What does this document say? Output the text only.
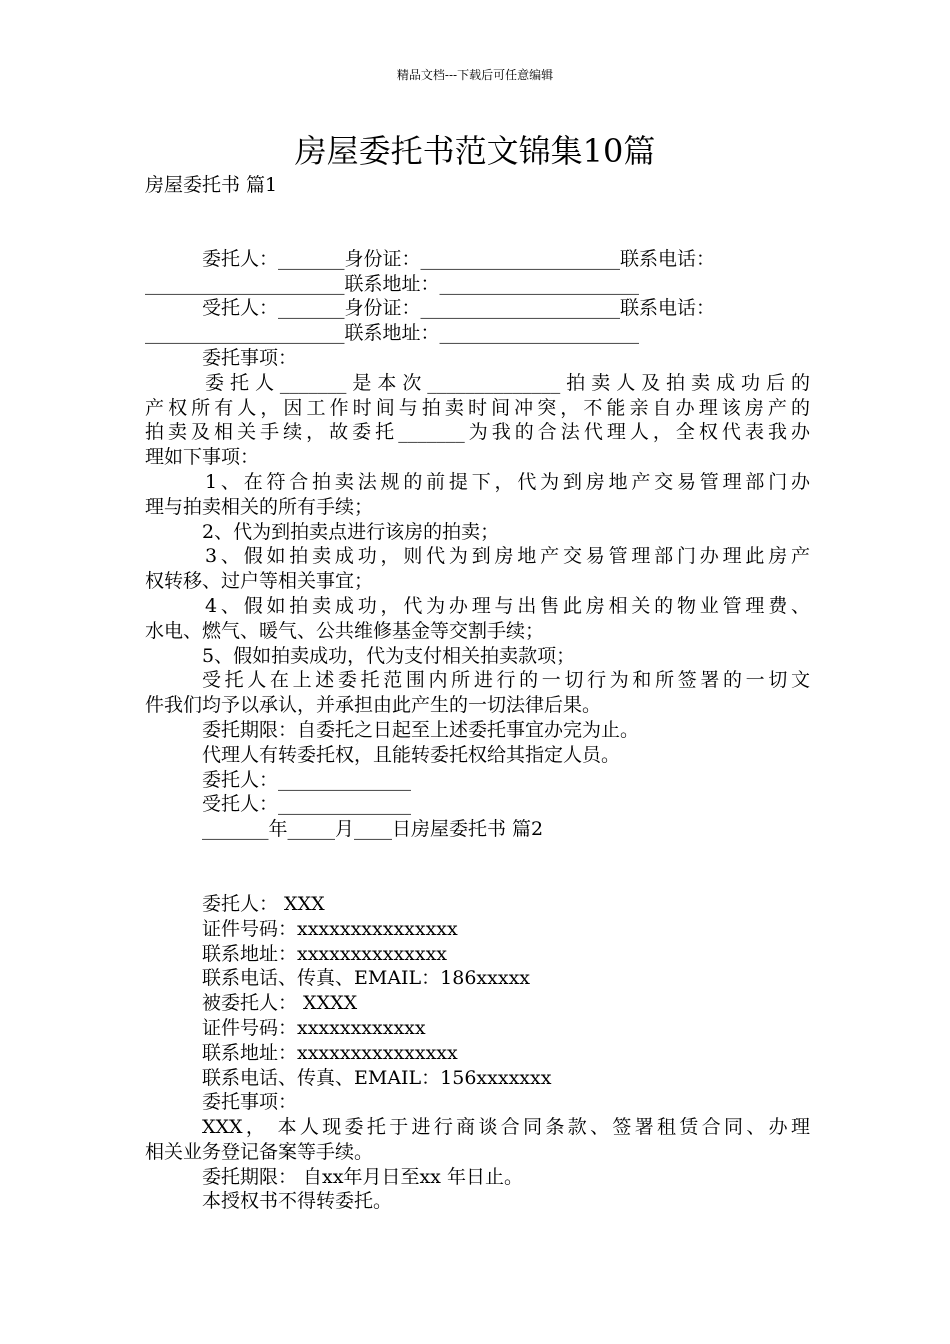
精品文档---下载后可任意编辑
房屋委托书范文锦集10篇

房屋委托书 篇1

委托人：_______身份证：_____________________联系电话：

_____________________联系地址：_____________________

受托人：_______身份证：_____________________联系电话：

_____________________联系地址：_____________________

委托事项：

委托人_______是本次______________拍卖人及拍卖成功后的

产权所有人，因工作时间与拍卖时间冲突，不能亲自办理该房产的

拍卖及相关手续，故委托_______为我的合法代理人，全权代表我办

理如下事项：

1、在符合拍卖法规的前提下，代为到房地产交易管理部门办

理与拍卖相关的所有手续；

2、代为到拍卖点进行该房的拍卖；

3、假如拍卖成功，则代为到房地产交易管理部门办理此房产

权转移、过户等相关事宜；

4、假如拍卖成功，代为办理与出售此房相关的物业管理费、

水电、燃气、暖气、公共维修基金等交割手续；

5、假如拍卖成功，代为支付相关拍卖款项；

受托人在上述委托范围内所进行的一切行为和所签署的一切文

件我们均予以承认，并承担由此产生的一切法律后果。

委托期限：自委托之日起至上述委托事宜办完为止。

代理人有转委托权，且能转委托权给其指定人员。

委托人：______________

受托人：______________

_______年_____月____日房屋委托书 篇2

委托人： XXX

证件号码：xxxxxxxxxxxxxxx

联系地址：xxxxxxxxxxxxxx

联系电话、传真、EMAIL：186xxxxx

被委托人： XXXX

证件号码：xxxxxxxxxxxx

联系地址：xxxxxxxxxxxxxxx

联系电话、传真、EMAIL：156xxxxxxx

委托事项：

XXX， 本人现委托于进行商谈合同条款、签署租赁合同、办理

相关业务登记备案等手续。

委托期限： 自xx年月日至xx 年日止。

本授权书不得转委托。
